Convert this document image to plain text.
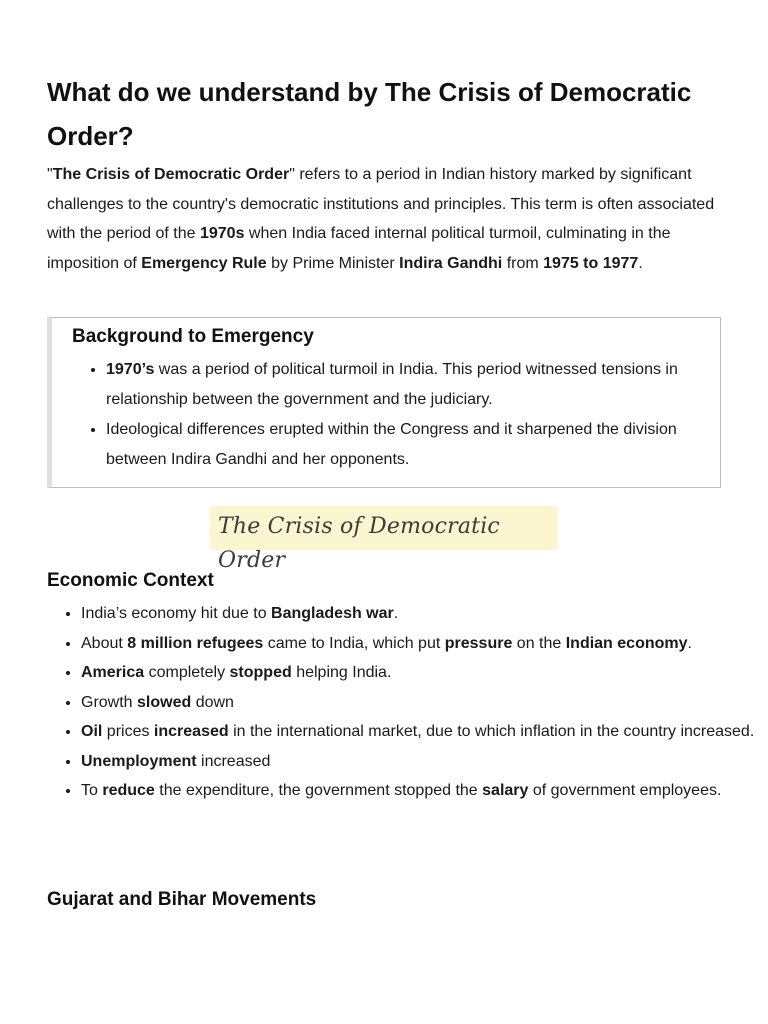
What do we understand by The Crisis of Democratic Order?

"The Crisis of Democratic Order" refers to a period in Indian history marked by significant challenges to the country's democratic institutions and principles. This term is often associated with the period of the 1970s when India faced internal political turmoil, culminating in the imposition of Emergency Rule by Prime Minister Indira Gandhi from 1975 to 1977.

Background to Emergency
• 1970’s was a period of political turmoil in India. This period witnessed tensions in relationship between the government and the judiciary.
• Ideological differences erupted within the Congress and it sharpened the division between Indira Gandhi and her opponents.
The Crisis of Democratic Order
Economic Context
• India’s economy hit due to Bangladesh war.
• About 8 million refugees came to India, which put pressure on the Indian economy.
• America completely stopped helping India.
• Growth slowed down
• Oil prices increased in the international market, due to which inflation in the country increased.
• Unemployment increased
• To reduce the expenditure, the government stopped the salary of government employees.
Gujarat and Bihar Movements
